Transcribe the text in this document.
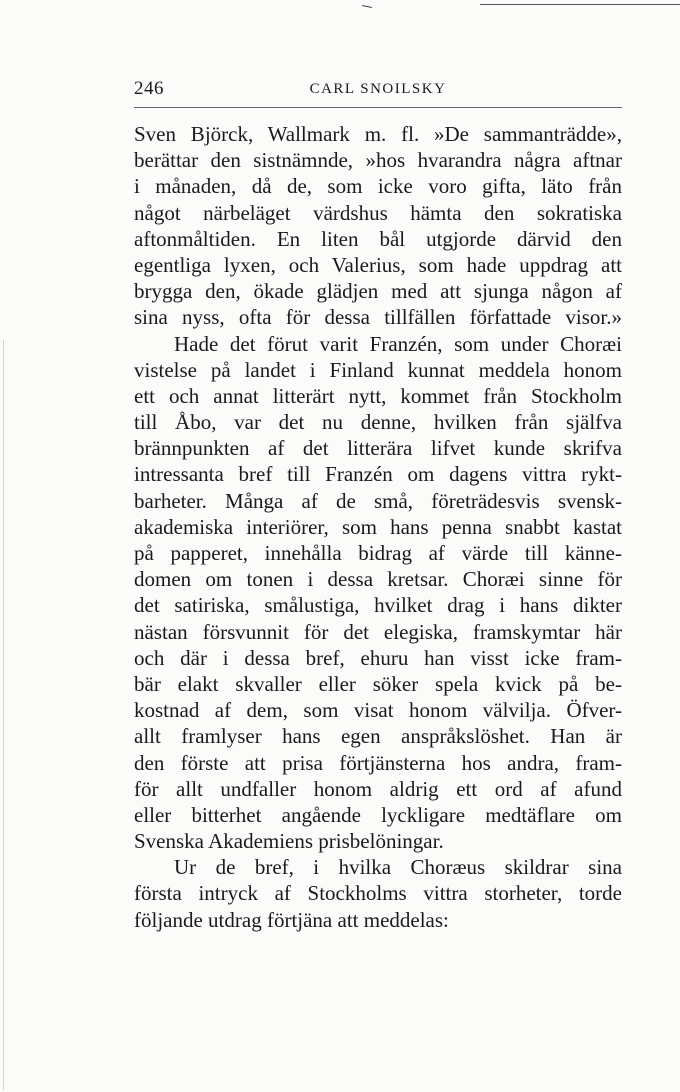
246	CARL SNOILSKY
Sven Björck, Wallmark m. fl. »De sammanträdde»,
berättar den sistnämnde, »hos hvarandra några aftnar
i månaden, då de, som icke voro gifta, läto från
något närbeläget värdshus hämta den sokratiska
aftonmåltiden. En liten bål utgjorde därvid den
egentliga lyxen, och Valerius, som hade uppdrag att
brygga den, ökade glädjen med att sjunga någon af
sina nyss, ofta för dessa tillfällen författade visor.»
Hade det förut varit Franzén, som under Choræi
vistelse på landet i Finland kunnat meddela honom
ett och annat litterärt nytt, kommet från Stockholm
till Åbo, var det nu denne, hvilken från själfva
brännpunkten af det litterära lifvet kunde skrifva
intressanta bref till Franzén om dagens vittra rykt-
barheter. Många af de små, företrädesvis svensk-
akademiska interiörer, som hans penna snabbt kastat
på papperet, innehålla bidrag af värde till känne-
domen om tonen i dessa kretsar. Choræi sinne för
det satiriska, smålustiga, hvilket drag i hans dikter
nästan försvunnit för det elegiska, framskymtar här
och där i dessa bref, ehuru han visst icke fram-
bär elakt skvaller eller söker spela kvick på be-
kostnad af dem, som visat honom välvilja. Öfver-
allt framlyser hans egen anspråkslöshet. Han är
den förste att prisa förtjänsterna hos andra, fram-
för allt undfaller honom aldrig ett ord af afund
eller bitterhet angående lyckligare medtäflare om
Svenska Akademiens prisbelöningar.
Ur de bref, i hvilka Choræus skildrar sina
första intryck af Stockholms vittra storheter, torde
följande utdrag förtjäna att meddelas:
